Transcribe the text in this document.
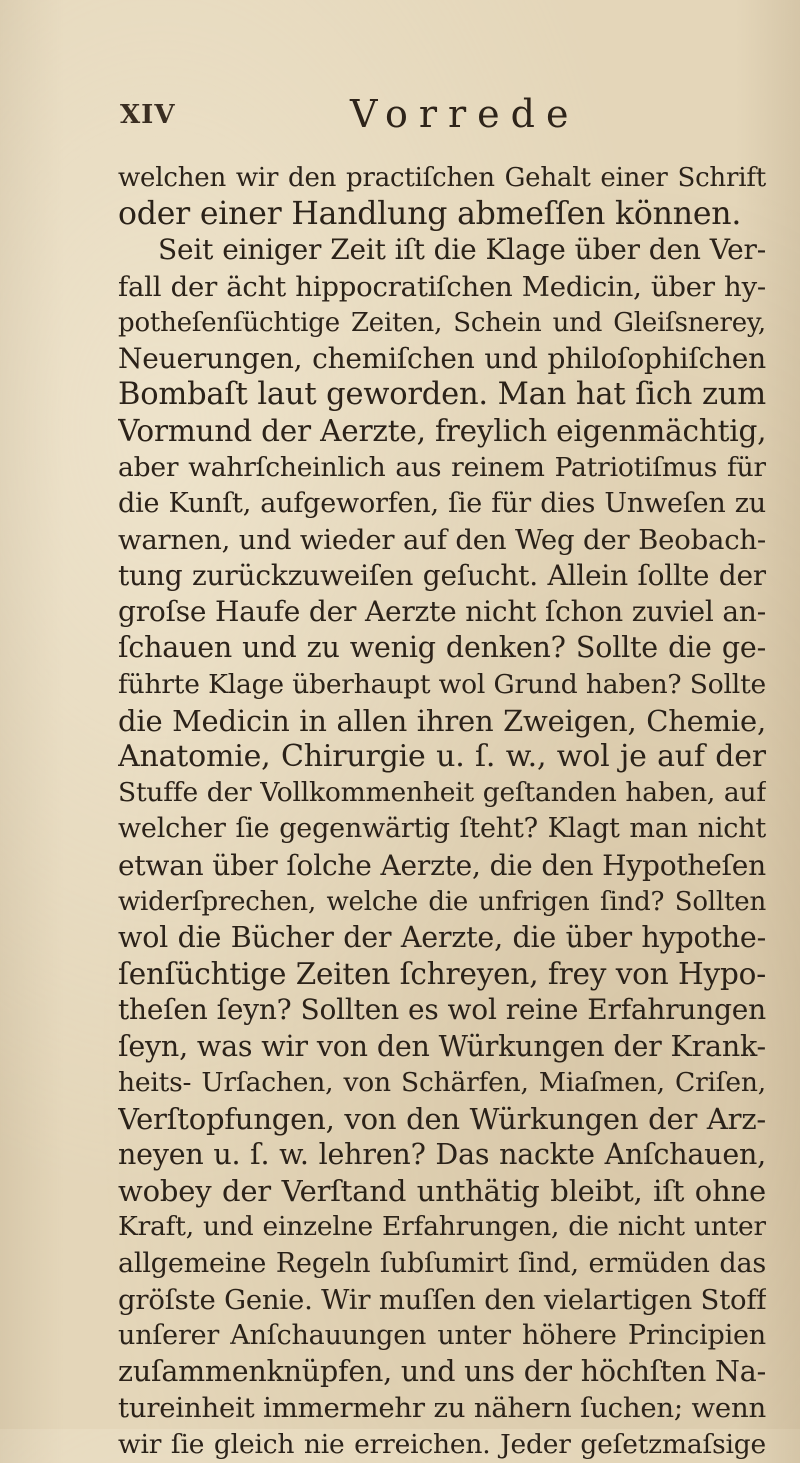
XIV	Vorrede
welchen wir den practiſchen Gehalt einer Schrift
oder einer Handlung abmeſſen können.
Seit einiger Zeit iſt die Klage über den Ver-
fall der ächt hippocratiſchen Medicin, über hy-
potheſenſüchtige Zeiten, Schein und Gleiſsnerey,
Neuerungen, chemiſchen und philoſophiſchen
Bombaſt laut geworden. Man hat ſich zum
Vormund der Aerzte, freylich eigenmächtig,
aber wahrſcheinlich aus reinem Patriotiſmus für
die Kunſt, aufgeworfen, ſie für dies Unweſen zu
warnen, und wieder auf den Weg der Beobach-
tung zurückzuweiſen geſucht. Allein ſollte der
groſse Haufe der Aerzte nicht ſchon zuviel an-
ſchauen und zu wenig denken? Sollte die ge-
führte Klage überhaupt wol Grund haben? Sollte
die Medicin in allen ihren Zweigen, Chemie,
Anatomie, Chirurgie u. ſ. w., wol je auf der
Stuffe der Vollkommenheit geſtanden haben, auf
welcher ſie gegenwärtig ſteht? Klagt man nicht
etwan über ſolche Aerzte, die den Hypotheſen
widerſprechen, welche die unfrigen ſind? Sollten
wol die Bücher der Aerzte, die über hypothe-
ſenſüchtige Zeiten ſchreyen, frey von Hypo-
theſen ſeyn? Sollten es wol reine Erfahrungen
ſeyn, was wir von den Würkungen der Krank-
heits- Urſachen, von Schärfen, Miaſmen, Criſen,
Verſtopfungen, von den Würkungen der Arz-
neyen u. ſ. w. lehren? Das nackte Anſchauen,
wobey der Verſtand unthätig bleibt, iſt ohne
Kraft, und einzelne Erfahrungen, die nicht unter
allgemeine Regeln ſubſumirt ſind, ermüden das
gröſste Genie. Wir muſſen den vielartigen Stoff
unſerer Anſchauungen unter höhere Principien
zuſammenknüpfen, und uns der höchſten Na-
tureinheit immermehr zu nähern ſuchen; wenn
wir ſie gleich nie erreichen. Jeder geſetzmaſsige
